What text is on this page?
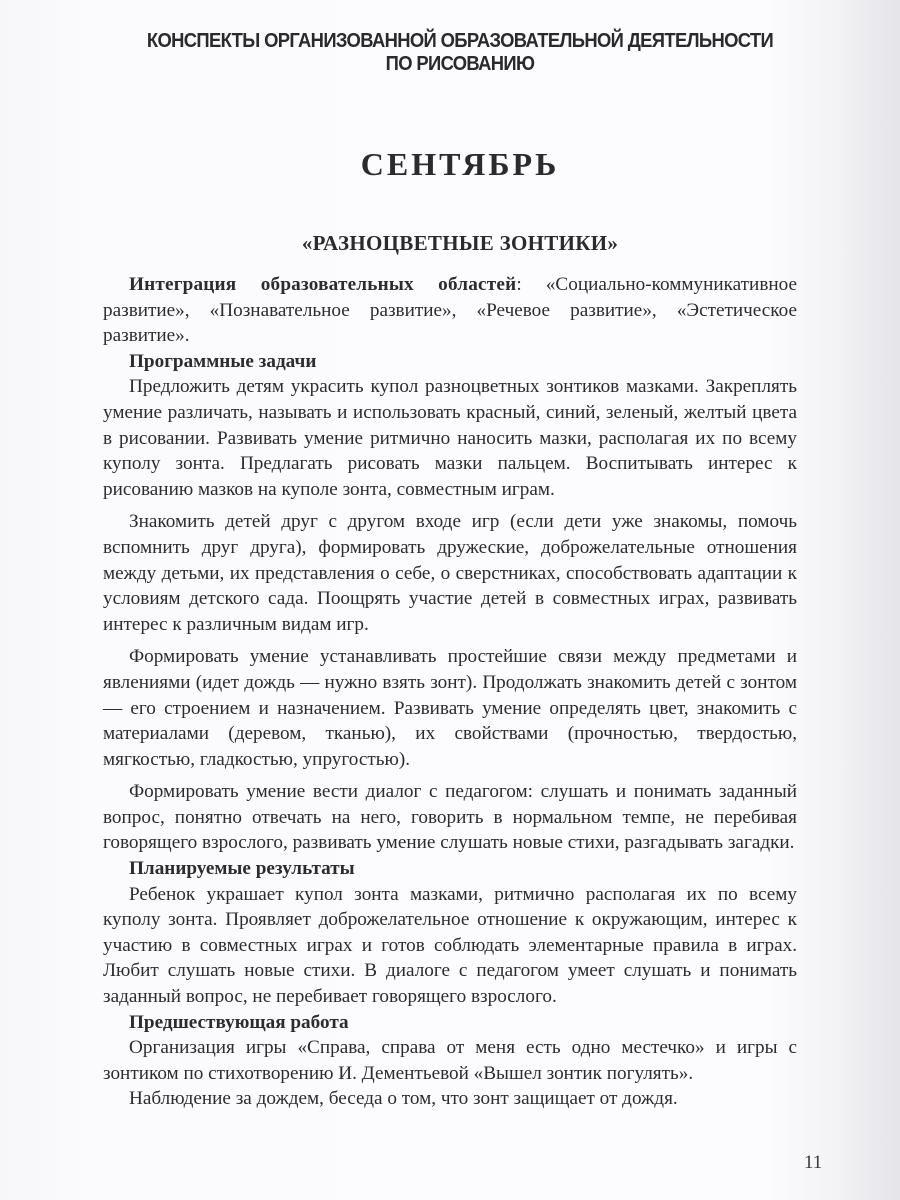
КОНСПЕКТЫ ОРГАНИЗОВАННОЙ ОБРАЗОВАТЕЛЬНОЙ ДЕЯТЕЛЬНОСТИ
ПО РИСОВАНИЮ
СЕНТЯБРЬ
«РАЗНОЦВЕТНЫЕ ЗОНТИКИ»

Интеграция образовательных областей: «Социально-коммуникативное развитие», «Познавательное развитие», «Речевое развитие», «Эстетическое развитие».

Программные задачи

Предложить детям украсить купол разноцветных зонтиков мазками. Закреплять умение различать, называть и использовать красный, синий, зеленый, желтый цвета в рисовании. Развивать умение ритмично наносить мазки, располагая их по всему куполу зонта. Предлагать рисовать мазки пальцем. Воспитывать интерес к рисованию мазков на куполе зонта, совместным играм.

Знакомить детей друг с другом входе игр (если дети уже знакомы, помочь вспомнить друг друга), формировать дружеские, доброжелательные отношения между детьми, их представления о себе, о сверстниках, способствовать адаптации к условиям детского сада. Поощрять участие детей в совместных играх, развивать интерес к различным видам игр.

Формировать умение устанавливать простейшие связи между предметами и явлениями (идет дождь — нужно взять зонт). Продолжать знакомить детей с зонтом — его строением и назначением. Развивать умение определять цвет, знакомить с материалами (деревом, тканью), их свойствами (прочностью, твердостью, мягкостью, гладкостью, упругостью).

Формировать умение вести диалог с педагогом: слушать и понимать заданный вопрос, понятно отвечать на него, говорить в нормальном темпе, не перебивая говорящего взрослого, развивать умение слушать новые стихи, разгадывать загадки.

Планируемые результаты

Ребенок украшает купол зонта мазками, ритмично располагая их по всему куполу зонта. Проявляет доброжелательное отношение к окружающим, интерес к участию в совместных играх и готов соблюдать элементарные правила в играх. Любит слушать новые стихи. В диалоге с педагогом умеет слушать и понимать заданный вопрос, не перебивает говорящего взрослого.

Предшествующая работа

Организация игры «Справа, справа от меня есть одно местечко» и игры с зонтиком по стихотворению И. Дементьевой «Вышел зонтик погулять».

Наблюдение за дождем, беседа о том, что зонт защищает от дождя.

11
